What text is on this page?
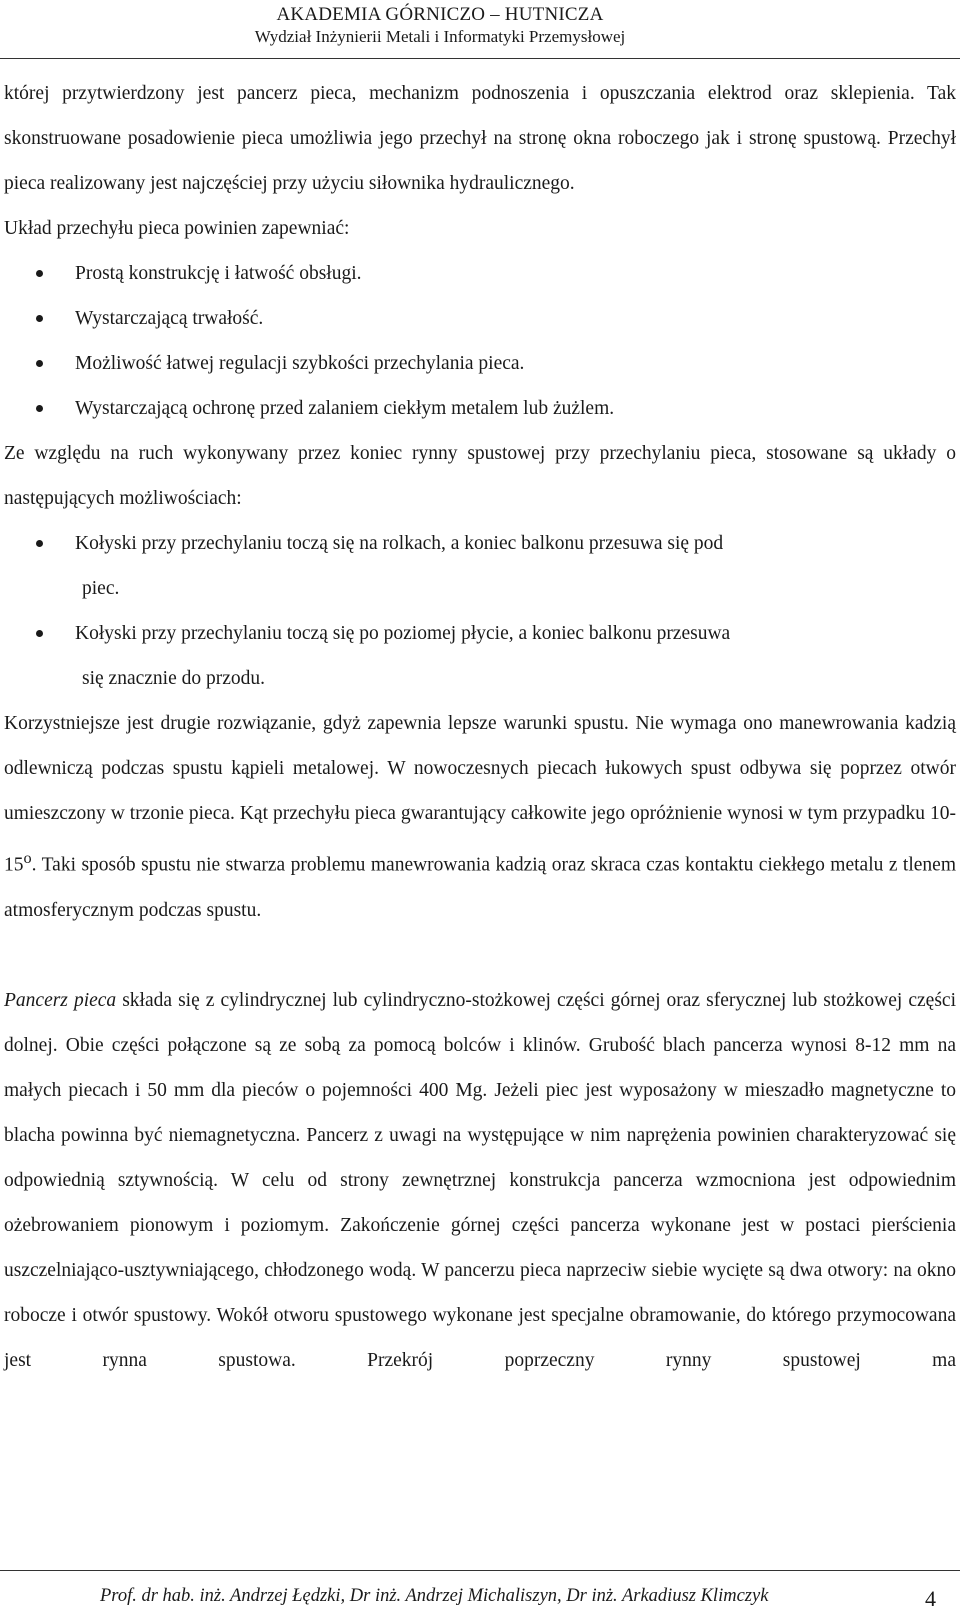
AKADEMIA GÓRNICZO – HUTNICZA
Wydział Inżynierii Metali i Informatyki Przemysłowej

której przytwierdzony jest pancerz pieca, mechanizm podnoszenia i opuszczania elektrod oraz sklepienia. Tak skonstruowane posadowienie pieca umożliwia jego przechył na stronę okna roboczego jak i stronę spustową. Przechył pieca realizowany jest najczęściej przy użyciu siłownika hydraulicznego.

Układ przechyłu pieca powinien zapewniać:

Prostą konstrukcję i łatwość obsługi.
Wystarczającą trwałość.
Możliwość łatwej regulacji szybkości przechylania pieca.
Wystarczającą ochronę przed zalaniem ciekłym metalem lub żużlem.

Ze względu na ruch wykonywany przez koniec rynny spustowej przy przechylaniu pieca, stosowane są układy o następujących możliwościach:

Kołyski przy przechylaniu toczą się na rolkach, a koniec balkonu przesuwa się pod
piec.
Kołyski przy przechylaniu toczą się po poziomej płycie, a koniec balkonu przesuwa
się znacznie do przodu.

Korzystniejsze jest drugie rozwiązanie, gdyż zapewnia lepsze warunki spustu. Nie wymaga ono manewrowania kadzią odlewniczą podczas spustu kąpieli metalowej. W nowoczesnych piecach łukowych spust odbywa się poprzez otwór umieszczony w trzonie pieca. Kąt przechyłu pieca gwarantujący całkowite jego opróżnienie wynosi w tym przypadku 10-15$^o$. Taki sposób spustu nie stwarza problemu manewrowania kadzią oraz skraca czas kontaktu ciekłego metalu z tlenem atmosferycznym podczas spustu.

Pancerz pieca składa się z cylindrycznej lub cylindryczno-stożkowej części górnej oraz sferycznej lub stożkowej części dolnej. Obie części połączone są ze sobą za pomocą bolców i klinów. Grubość blach pancerza wynosi 8-12 mm na małych piecach i 50 mm dla pieców o pojemności 400 Mg. Jeżeli piec jest wyposażony w mieszadło magnetyczne to blacha powinna być niemagnetyczna. Pancerz z uwagi na występujące w nim naprężenia powinien charakteryzować się odpowiednią sztywnością. W celu od strony zewnętrznej konstrukcja pancerza wzmocniona jest odpowiednim ożebrowaniem pionowym i poziomym. Zakończenie górnej części pancerza wykonane jest w postaci pierścienia uszczelniająco-usztywniającego, chłodzonego wodą. W pancerzu pieca naprzeciw siebie wycięte są dwa otwory: na okno robocze i otwór spustowy. Wokół otworu spustowego wykonane jest specjalne obramowanie, do którego przymocowana jest rynna spustowa. Przekrój poprzeczny rynny spustowej ma

Prof. dr hab. inż. Andrzej Łędzki, Dr inż. Andrzej Michaliszyn, Dr inż. Arkadiusz Klimczyk	4
